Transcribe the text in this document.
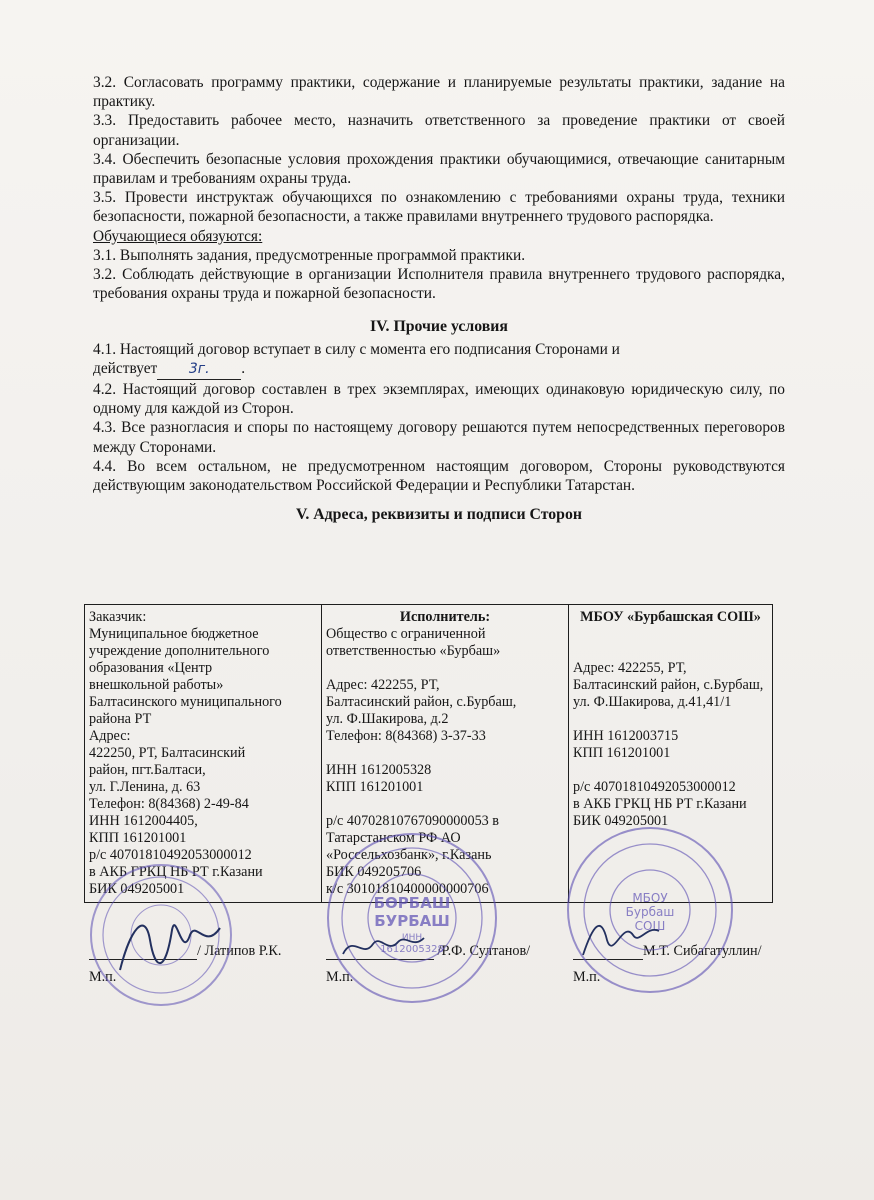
3.2. Согласовать программу практики, содержание и планируемые результаты практики, задание на практику.

3.3. Предоставить рабочее место, назначить ответственного за проведение практики от своей организации.

3.4. Обеспечить безопасные условия прохождения практики обучающимися, отвечающие санитарным правилам и требованиям охраны труда.

3.5. Провести инструктаж обучающихся по ознакомлению с требованиями охраны труда, техники безопасности, пожарной безопасности, а также правилами внутреннего трудового распорядка.

Обучающиеся обязуются:

3.1. Выполнять задания, предусмотренные программой практики.

3.2. Соблюдать действующие в организации Исполнителя правила внутреннего трудового распорядка, требования охраны труда и пожарной безопасности.

IV. Прочие условия

4.1. Настоящий договор вступает в силу с момента его подписания Сторонами и
действует 3г. .

4.2. Настоящий договор составлен в трех экземплярах, имеющих одинаковую юридическую силу, по одному для каждой из Сторон.

4.3. Все разногласия и споры по настоящему договору решаются путем непосредственных переговоров между Сторонами.

4.4. Во всем остальном, не предусмотренном настоящим договором, Стороны руководствуются действующим законодательством Российской Федерации и Республики Татарстан.

V. Адреса, реквизиты и подписи Сторон
Заказчик:
Муниципальное бюджетное
учреждение дополнительного
образования «Центр
внешкольной работы»
Балтасинского муниципального
района РТ
Адрес:
422250, РТ, Балтасинский
район, пгт.Балтаси,
ул. Г.Ленина, д. 63
Телефон: 8(84368) 2-49-84
ИНН 1612004405,
КПП 161201001
р/с 40701810492053000012
в АКБ ГРКЦ НБ РТ г.Казани
БИК 049205001
/ Латипов Р.К.
М.п.

Исполнитель:
Общество с ограниченной
ответственностью «Бурбаш»
Адрес: 422255, РТ,
Балтасинский район, с.Бурбаш,
ул. Ф.Шакирова, д.2
Телефон: 8(84368) 3-37-33
ИНН 1612005328
КПП 161201001
р/с 40702810767090000053 в
Татарстанском РФ АО
«Россельхозбанк», г.Казань
БИК 049205706
к/с 30101810400000000706
/Р.Ф. Султанов/
М.п.

МБОУ «Бурбашская СОШ»
Адрес: 422255, РТ,
Балтасинский район, с.Бурбаш,
ул. Ф.Шакирова, д.41,41/1
ИНН 1612003715
КПП 161201001
р/с 40701810492053000012
в АКБ ГРКЦ НБ РТ г.Казани
БИК 049205001
М.Т. Сибагатуллин/
М.п.
БӨРБАШ
БУРБАШ
ИНН
1612005328
МБОУ
Бурбаш
СОШ
